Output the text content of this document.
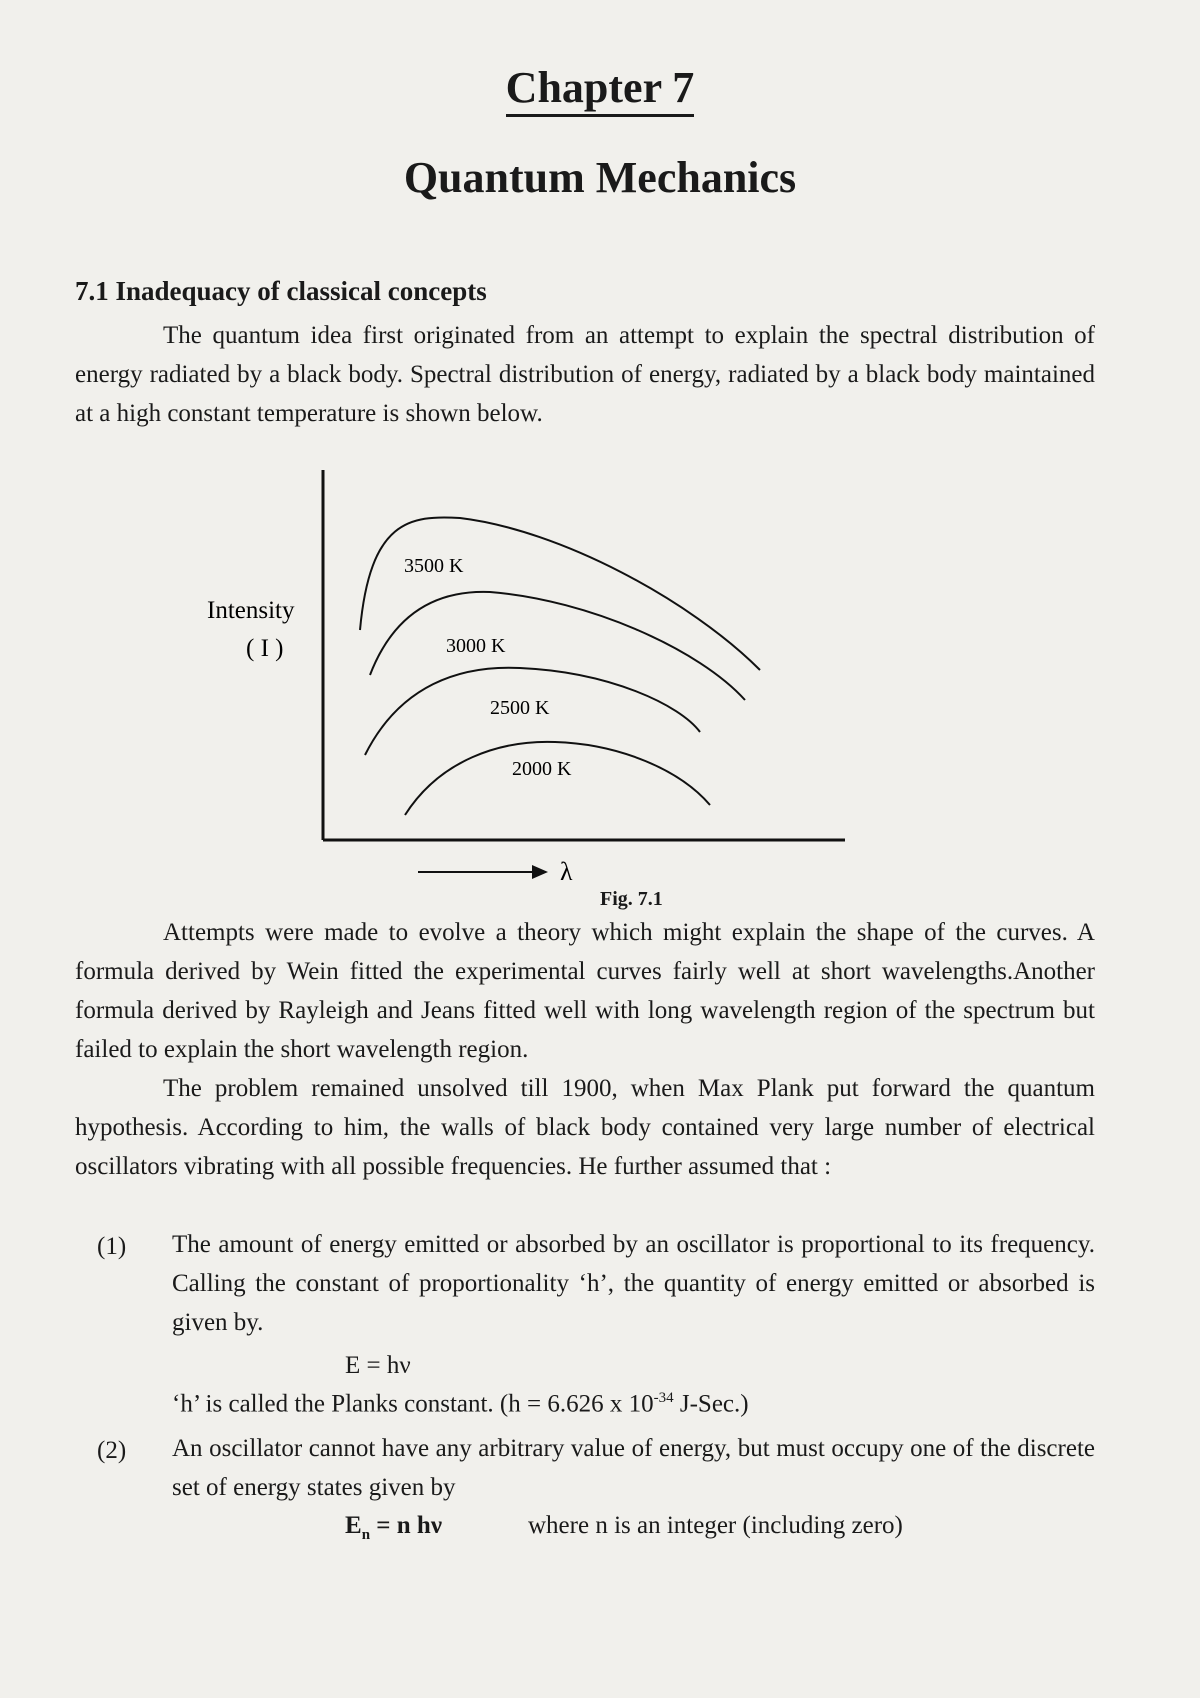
Chapter 7
Quantum Mechanics
7.1 Inadequacy of classical concepts
The quantum idea first originated from an attempt to explain the spectral distribution of energy radiated by a black body. Spectral distribution of energy, radiated by a black body maintained at a high constant temperature is shown below.
3500 K
3000 K
2500 K
2000 K
Intensity
( I )
λ
Fig. 7.1
Attempts were made to evolve a theory which might explain the shape of the curves. A formula derived by Wein fitted the experimental curves fairly well at short wavelengths.Another formula derived by Rayleigh and Jeans fitted well with long wavelength region of the spectrum but failed to explain the short wavelength region.
The problem remained unsolved till 1900, when Max Plank put forward the quantum hypothesis. According to him, the walls of black body contained very large number of electrical oscillators vibrating with all possible frequencies. He further assumed that :
(1) The amount of energy emitted or absorbed by an oscillator is proportional to its frequency. Calling the constant of proportionality ‘h’, the quantity of energy emitted or absorbed is given by.
E = hν
‘h’ is called the Planks constant. (h = 6.626 x $10^{-34}$ J-Sec.)
(2) An oscillator cannot have any arbitrary value of energy, but must occupy one of the discrete set of energy states given by
$E_n = n$ hν	where n is an integer (including zero)
